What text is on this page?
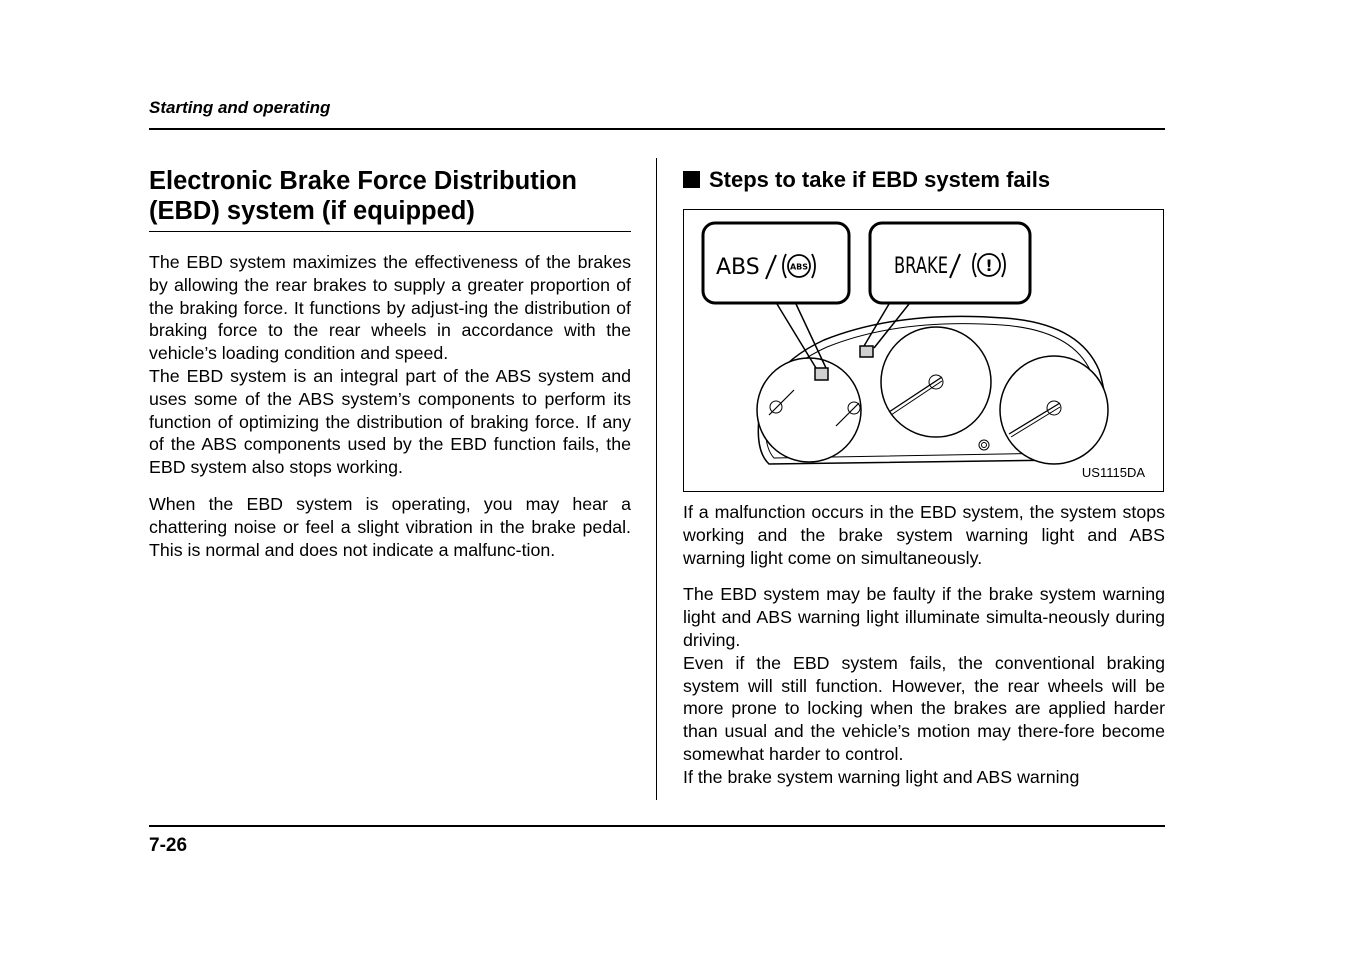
Starting and operating
Electronic Brake Force Distribution (EBD) system (if equipped)

The EBD system maximizes the effectiveness of the brakes by allowing the rear brakes to supply a greater proportion of the braking force. It functions by adjust-ing the distribution of braking force to the rear wheels in accordance with the vehicle’s loading condition and speed.
The EBD system is an integral part of the ABS system and uses some of the ABS system’s components to perform its function of optimizing the distribution of braking force. If any of the ABS components used by the EBD function fails, the EBD system also stops working.

When the EBD system is operating, you may hear a chattering noise or feel a slight vibration in the brake pedal. This is normal and does not indicate a malfunc-tion.

Steps to take if EBD system fails
ABS	ABS	BRAKE !
US1115DA

If a malfunction occurs in the EBD system, the system stops working and the brake system warning light and ABS warning light come on simultaneously.

The EBD system may be faulty if the brake system warning light and ABS warning light illuminate simulta-neously during driving.
Even if the EBD system fails, the conventional braking system will still function. However, the rear wheels will be more prone to locking when the brakes are applied harder than usual and the vehicle’s motion may there-fore become somewhat harder to control.
If the brake system warning light and ABS warning

7-26
